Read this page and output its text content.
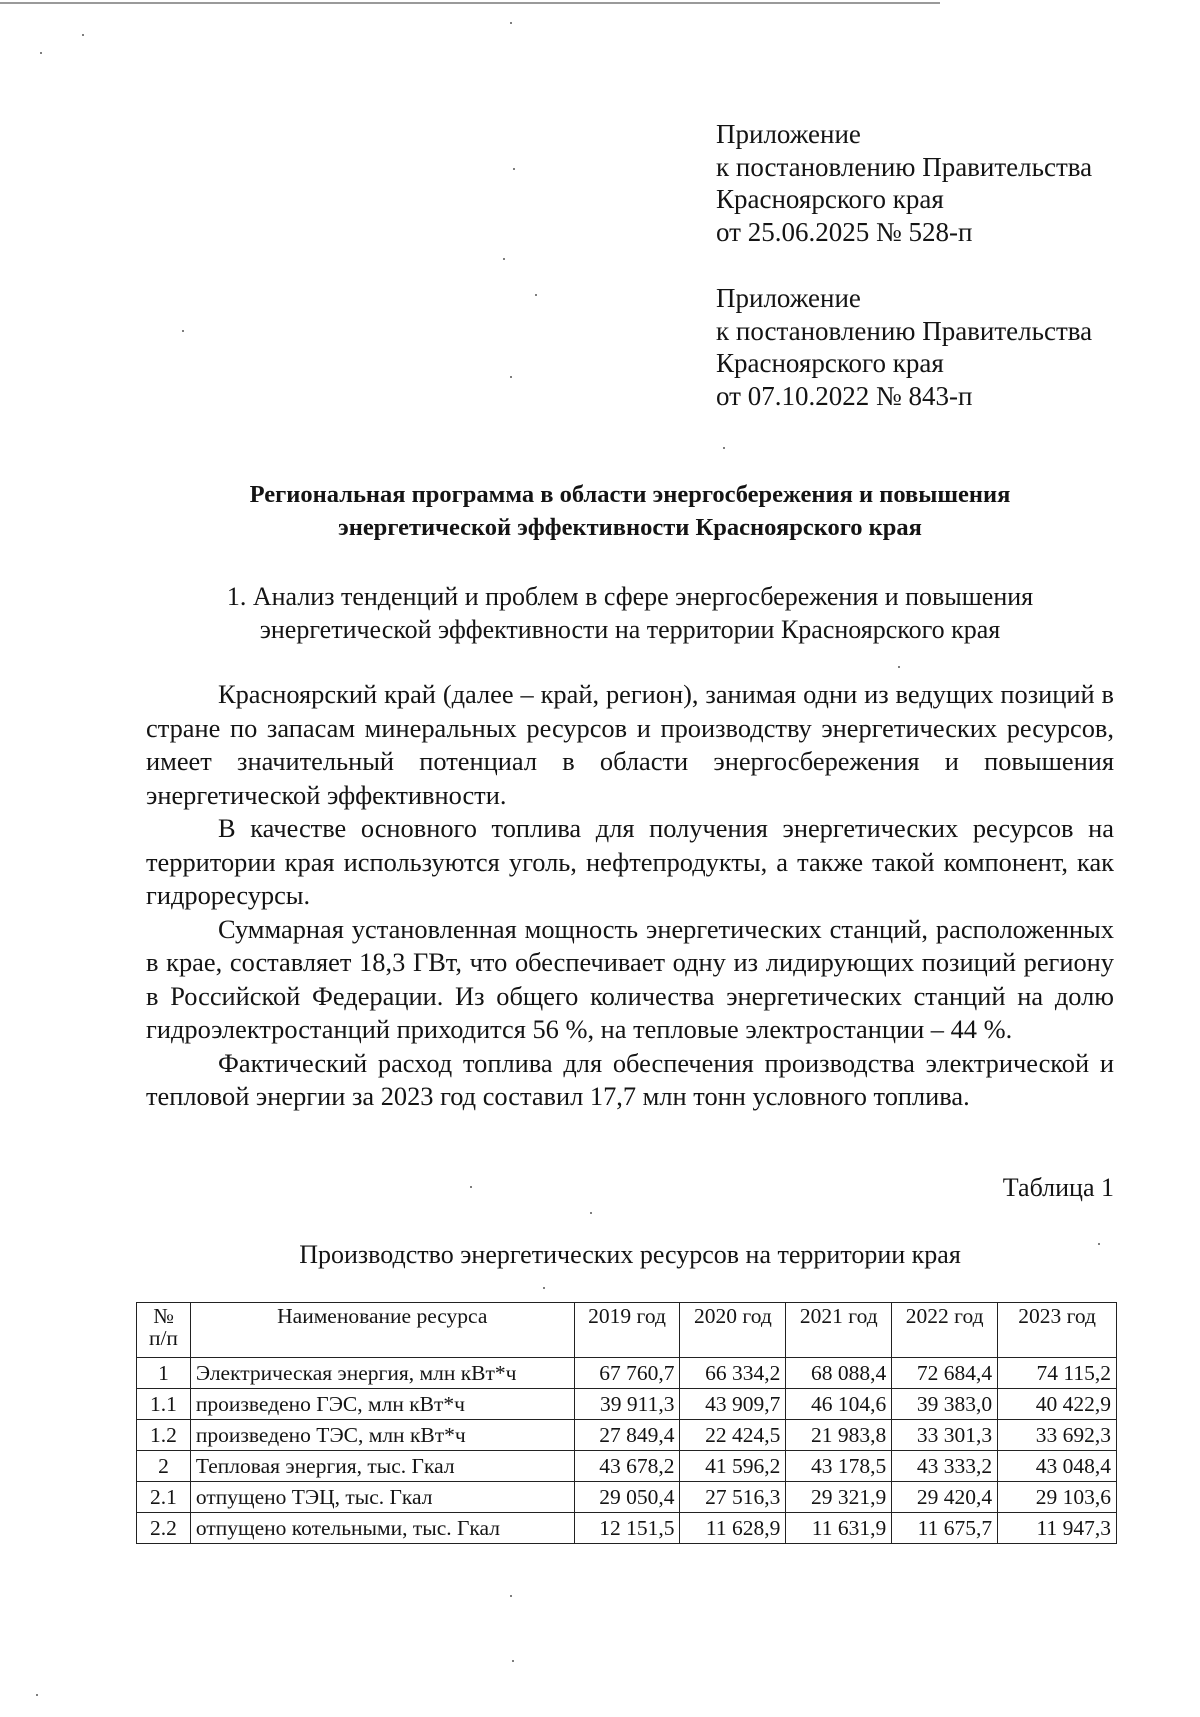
Приложение
к постановлению Правительства
Красноярского края
от 25.06.2025 № 528-п
Приложение
к постановлению Правительства
Красноярского края
от 07.10.2022 № 843-п
Региональная программа в области энергосбережения и повышения
энергетической эффективности Красноярского края
1. Анализ тенденций и проблем в сфере энергосбережения и повышения
энергетической эффективности на территории Красноярского края

Красноярский край (далее – край, регион), занимая одни из ведущих позиций в стране по запасам минеральных ресурсов и производству энергетических ресурсов, имеет значительный потенциал в области энергосбережения и повышения энергетической эффективности.

В качестве основного топлива для получения энергетических ресурсов на территории края используются уголь, нефтепродукты, а также такой компонент, как гидроресурсы.

Суммарная установленная мощность энергетических станций, расположенных в крае, составляет 18,3 ГВт, что обеспечивает одну из лидирующих позиций региону в Российской Федерации. Из общего количества энергетических станций на долю гидроэлектростанций приходится 56 %, на тепловые электростанции – 44 %.

Фактический расход топлива для обеспечения производства электрической и тепловой энергии за 2023 год составил 17,7 млн тонн условного топлива.

Таблица 1
Производство энергетических ресурсов на территории края
№ п/п	Наименование ресурса	2019 год	2020 год	2021 год	2022 год	2023 год
1	Электрическая энергия, млн кВт*ч	67 760,7	66 334,2	68 088,4	72 684,4	74 115,2
1.1	произведено ГЭС, млн кВт*ч	39 911,3	43 909,7	46 104,6	39 383,0	40 422,9
1.2	произведено ТЭС, млн кВт*ч	27 849,4	22 424,5	21 983,8	33 301,3	33 692,3
2	Тепловая энергия, тыс. Гкал	43 678,2	41 596,2	43 178,5	43 333,2	43 048,4
2.1	отпущено ТЭЦ, тыс. Гкал	29 050,4	27 516,3	29 321,9	29 420,4	29 103,6
2.2	отпущено котельными, тыс. Гкал	12 151,5	11 628,9	11 631,9	11 675,7	11 947,3
